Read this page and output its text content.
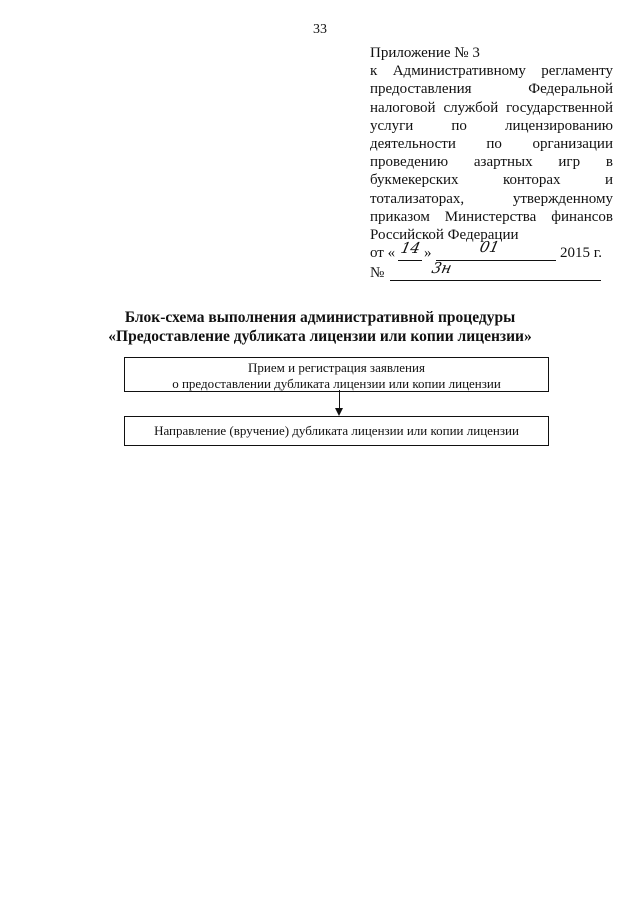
33
Приложение № 3
к Административному регламенту
предоставления Федеральной
налоговой службой государственной
услуги по лицензированию
деятельности по организации
проведению азартных игр в
букмекерских конторах и
тотализаторах, утвержденному
приказом Министерства финансов
Российской Федерации
от « 14 »	01	2015 г.
№	3н
Блок-схема выполнения административной процедуры
«Предоставление дубликата лицензии или копии лицензии»
Прием и регистрация заявления
о предоставлении дубликата лицензии или копии лицензии
Направление (вручение) дубликата лицензии или копии лицензии
